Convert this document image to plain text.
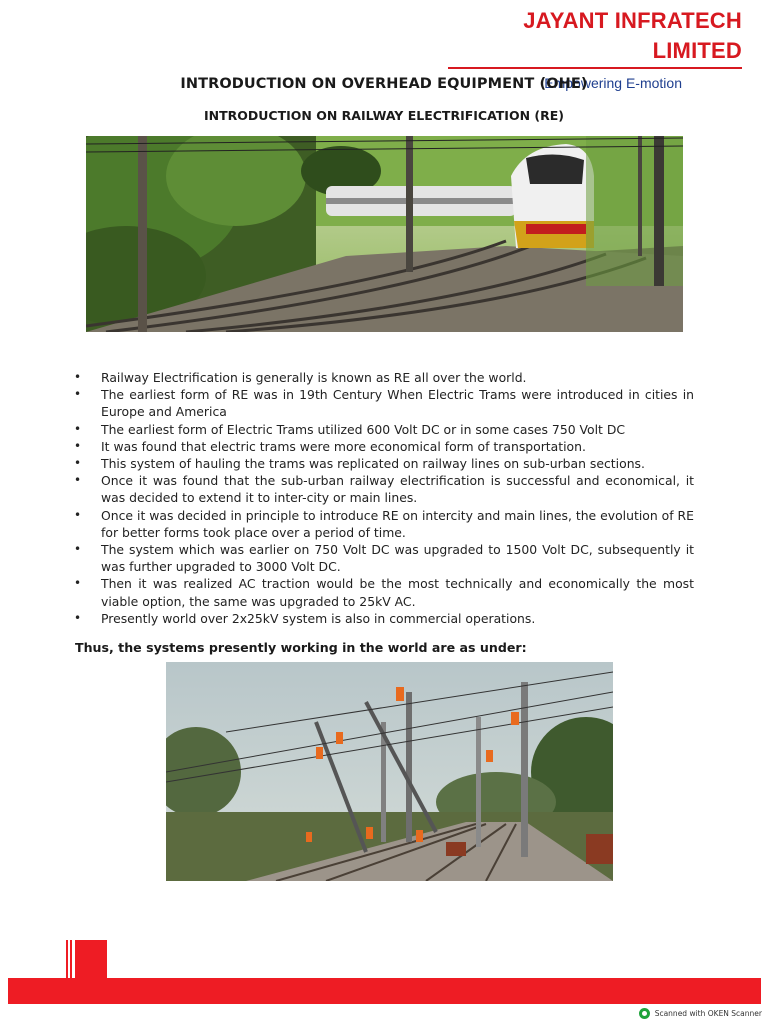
JAYANT INFRATECH LIMITED
Empowering E-motion
INTRODUCTION ON OVERHEAD EQUIPMENT (OHE)
INTRODUCTION ON RAILWAY ELECTRIFICATION (RE)
• Railway Electrification is generally is known as RE all over the world.
• The earliest form of RE was in 19th Century When Electric Trams were introduced in cities in Europe and America
• The earliest form of Electric Trams utilized 600 Volt DC or in some cases 750 Volt DC
• It was found that electric trams were more economical form of transportation.
• This system of hauling the trams was replicated on railway lines on sub-urban sections.
• Once it was found that the sub-urban railway electrification is successful and economical, it was decided to extend it to inter-city or main lines.
• Once it was decided in principle to introduce RE on intercity and main lines, the evolution of RE for better forms took place over a period of time.
• The system which was earlier on 750 Volt DC was upgraded to 1500 Volt DC, subsequently it was further upgraded to 3000 Volt DC.
• Then it was realized AC traction would be the most technically and economically the most viable option, the same was upgraded to 25kV AC.
• Presently world over 2x25kV system is also in commercial operations.
Thus, the systems presently working in the world are as under:
Scanned with OKEN Scanner
